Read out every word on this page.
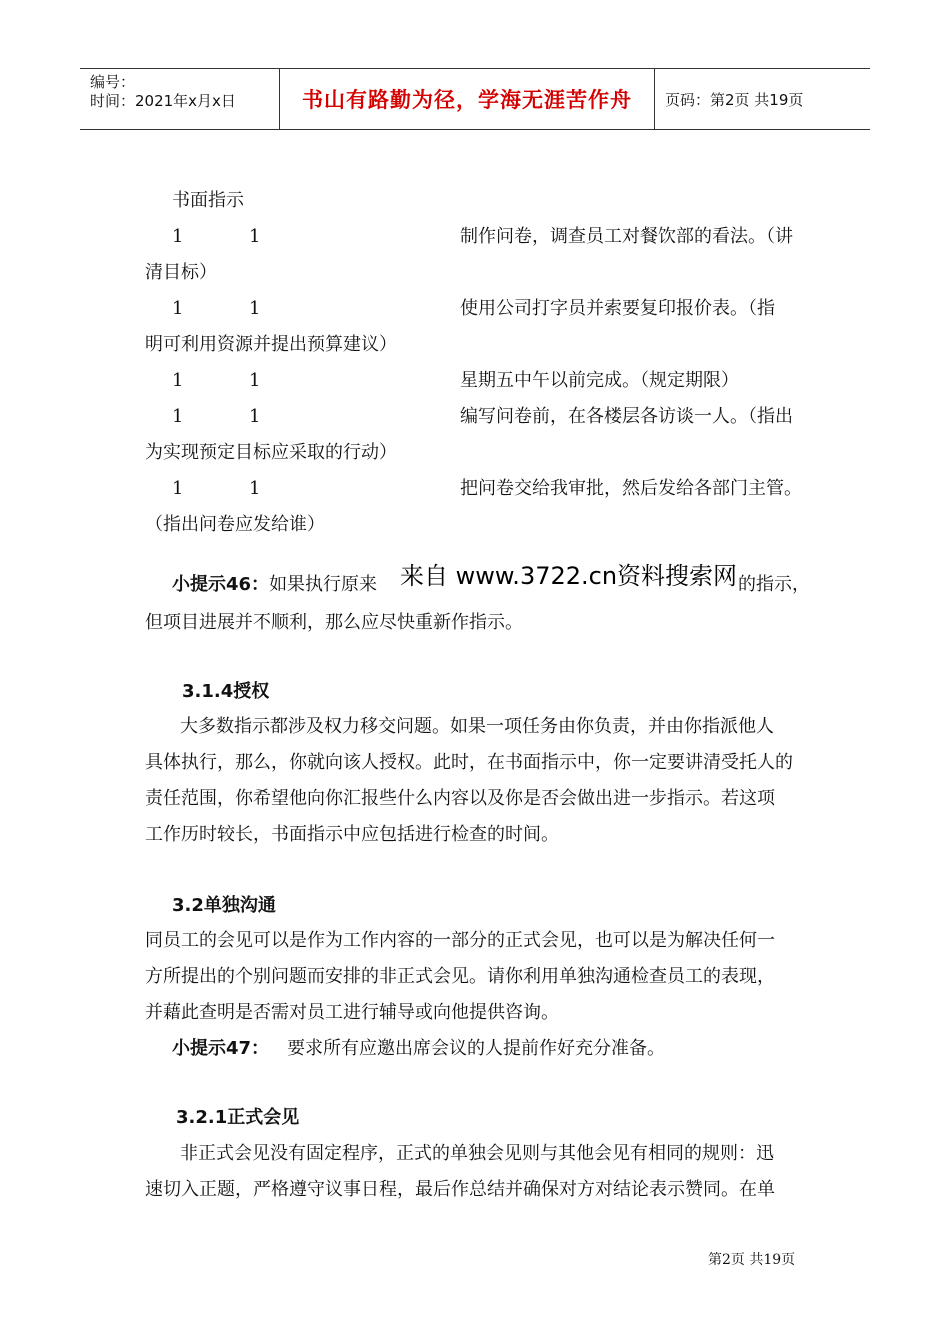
编号：
时间：2021年x月x日	书山有路勤为径，学海无涯苦作舟	页码：第2页 共19页
书面指示
1	1	制作问卷，调查员工对餐饮部的看法。（讲
清目标）
1	1	使用公司打字员并索要复印报价表。（指
明可利用资源并提出预算建议）
1	1	星期五中午以前完成。（规定期限）
1	1	编写问卷前，在各楼层各访谈一人。（指出
为实现预定目标应采取的行动）
1	1	把问卷交给我审批，然后发给各部门主管。
（指出问卷应发给谁）
小提示46：如果执行原来 来自 www.3722.cn资料搜索网 的指示，
但项目进展并不顺利，那么应尽快重新作指示。
3.1.4授权
大多数指示都涉及权力移交问题。如果一项任务由你负责，并由你指派他人
具体执行，那么，你就向该人授权。此时，在书面指示中，你一定要讲清受托人的
责任范围，你希望他向你汇报些什么内容以及你是否会做出进一步指示。若这项
工作历时较长，书面指示中应包括进行检查的时间。
3.2单独沟通
同员工的会见可以是作为工作内容的一部分的正式会见，也可以是为解决任何一
方所提出的个别问题而安排的非正式会见。请你利用单独沟通检查员工的表现，
并藉此查明是否需对员工进行辅导或向他提供咨询。
小提示47： 要求所有应邀出席会议的人提前作好充分准备。
3.2.1正式会见
非正式会见没有固定程序，正式的单独会见则与其他会见有相同的规则：迅
速切入正题，严格遵守议事日程，最后作总结并确保对方对结论表示赞同。在单
第2页 共19页
